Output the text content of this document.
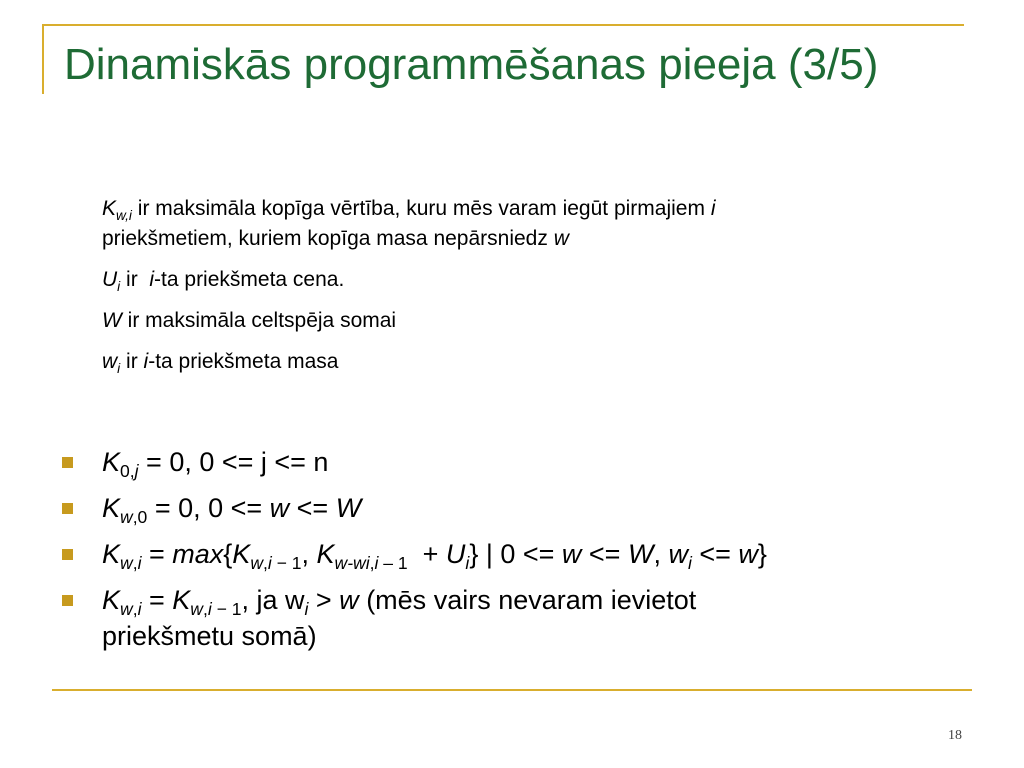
Dinamiskās programmēšanas pieeja (3/5)

$K_{w,i}$ ir maksimāla kopīga vērtība, kuru mēs varam iegūt pirmajiem i
priekšmetiem, kuriem kopīga masa nepārsniedz w

$U_i$ ir  i-ta priekšmeta cena.

W ir maksimāla celtspēja somai

$w_i$ ir i-ta priekšmeta masa

$K_{0,j} = 0$, 0 <= j <= n
$K_{w,0} = 0$, 0 <= w <= W
$K_{w,i} = \max\{K_{w,i - 1}$, $K_{w-wi,i - 1} + U_i$} | 0 <= w <= W, $w_i <= w$}
$K_{w,i} = K_{w,i - 1}$, ja $w_i > w$ (mēs vairs nevaram ievietot
priekšmetu somā)
18
